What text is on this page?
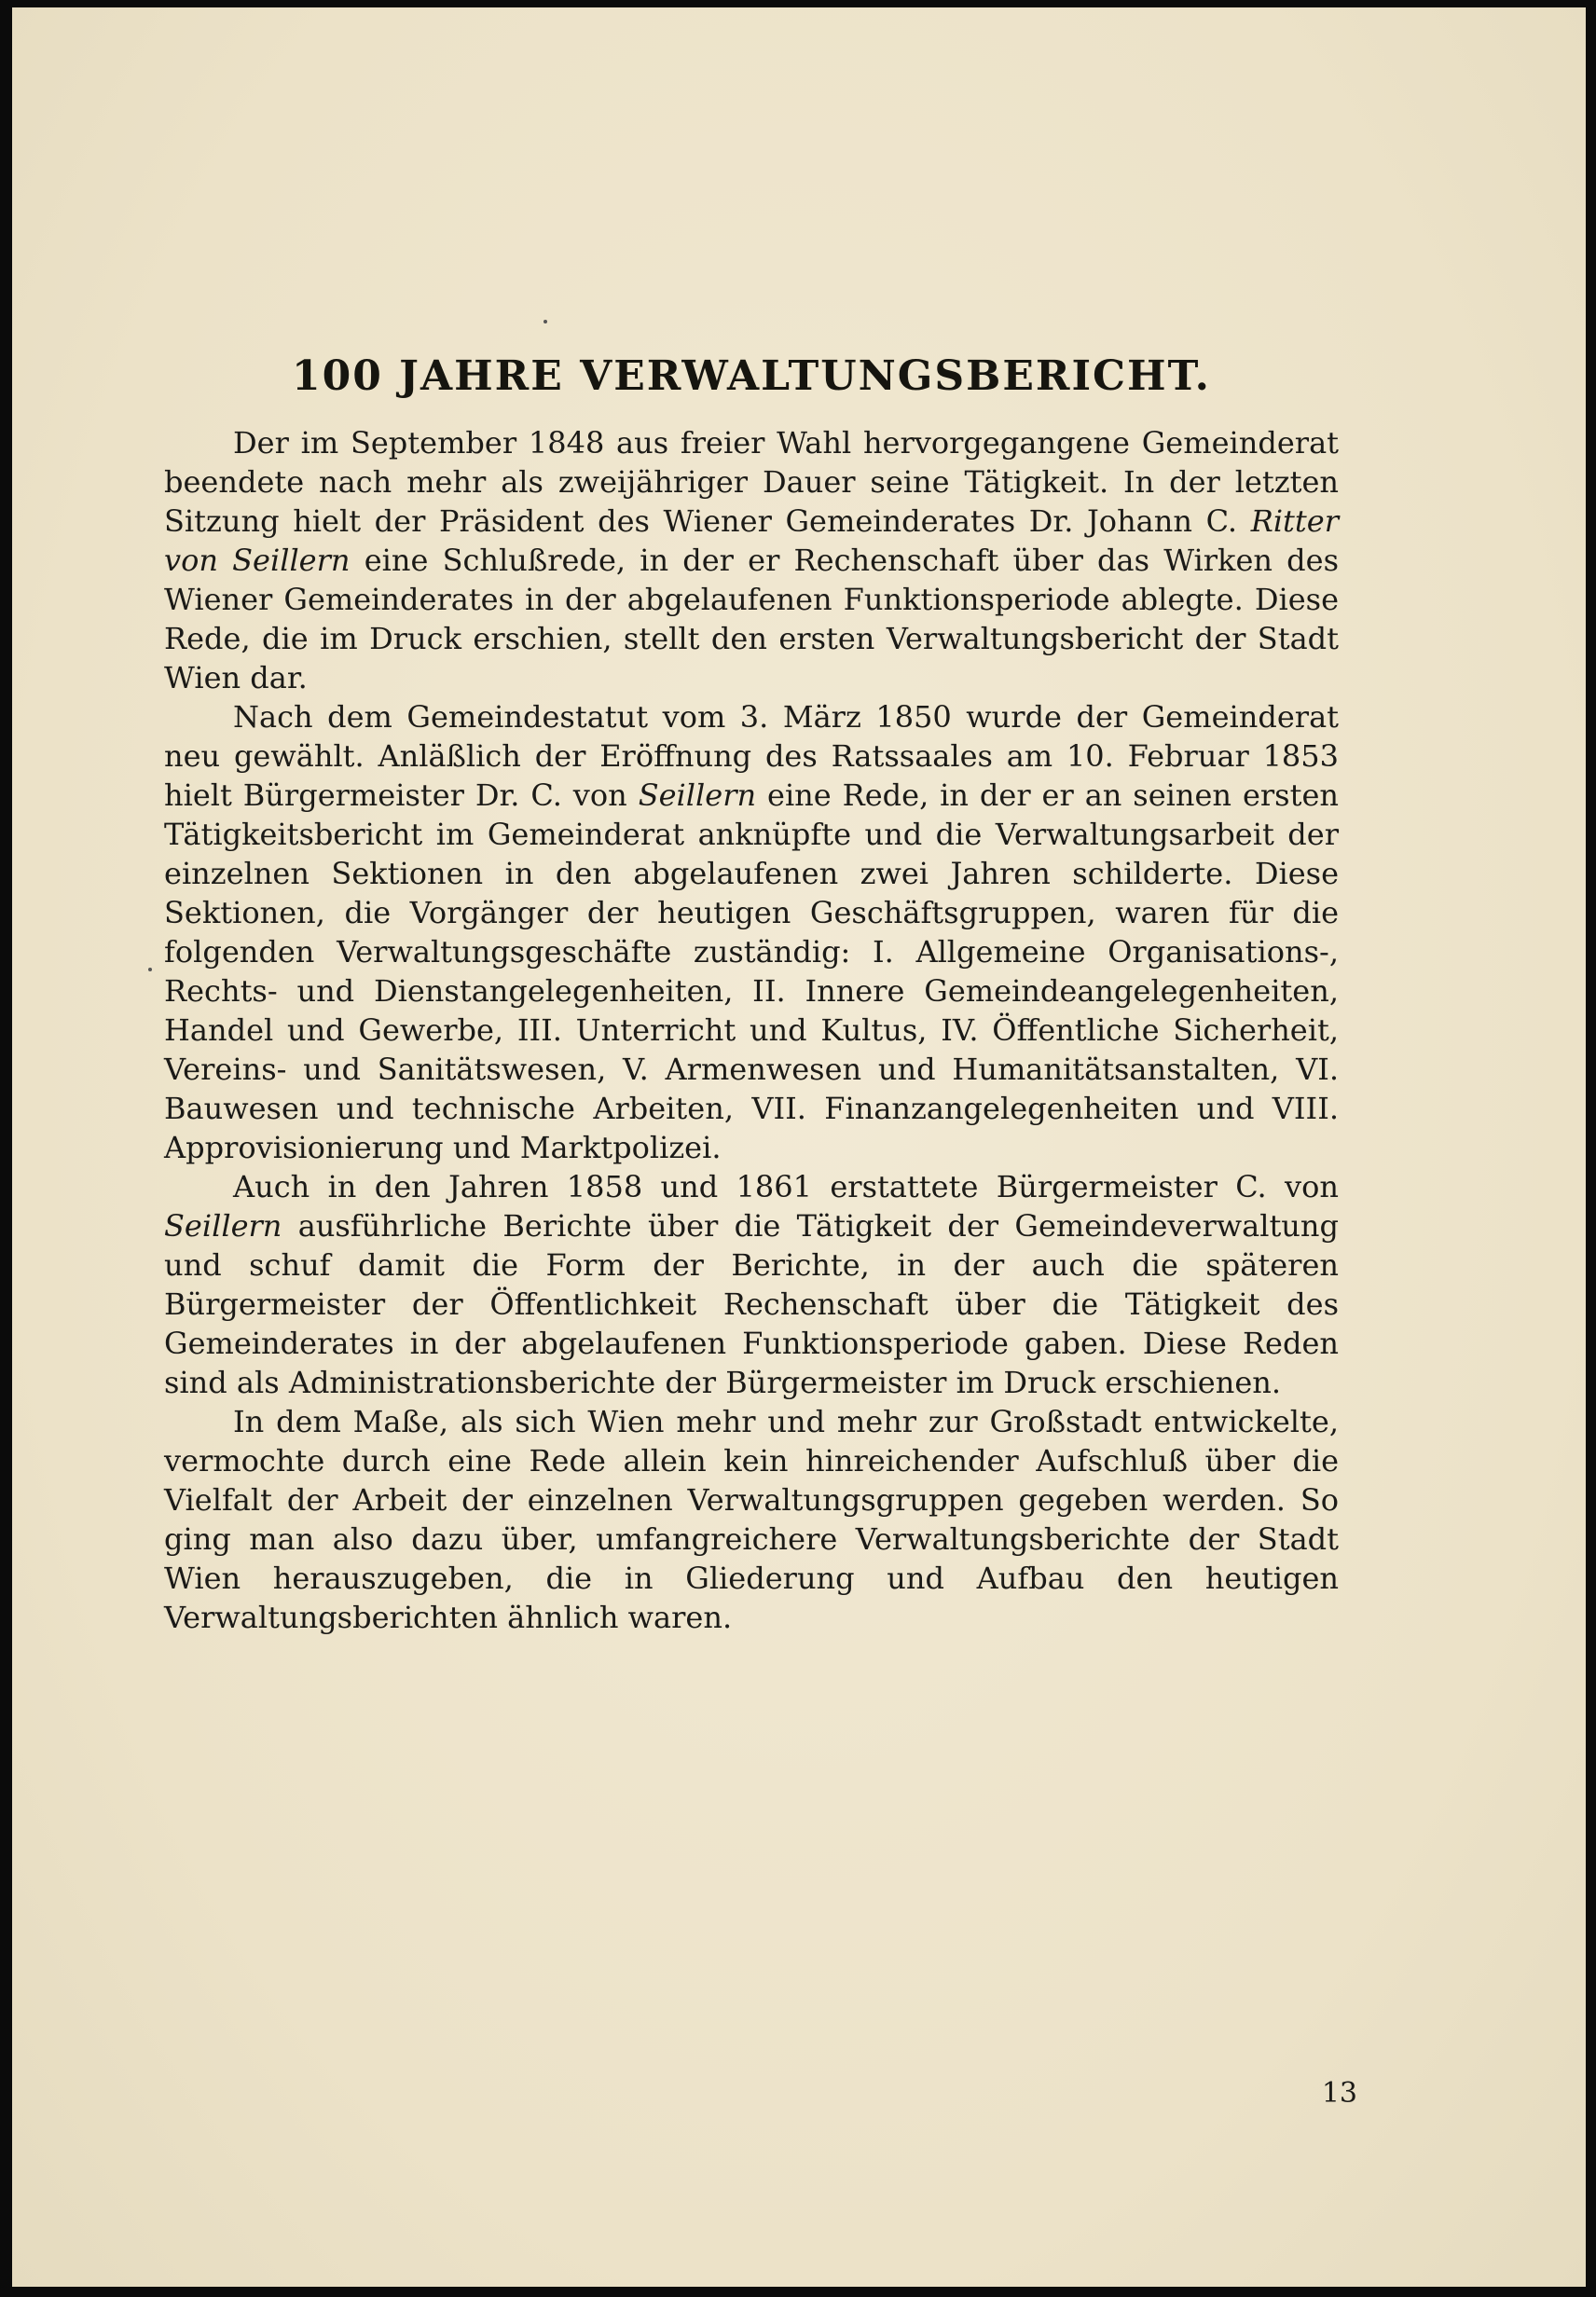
100 JAHRE VERWALTUNGSBERICHT.

Der im September 1848 aus freier Wahl hervorgegangene Gemeinderat beendete nach mehr als zweijähriger Dauer seine Tätigkeit. In der letzten Sitzung hielt der Präsident des Wiener Gemeinderates Dr. Johann C. Ritter von Seillern eine Schlußrede, in der er Rechenschaft über das Wirken des Wiener Gemeinderates in der abgelaufenen Funktionsperiode ablegte. Diese Rede, die im Druck erschien, stellt den ersten Verwaltungsbericht der Stadt Wien dar.

Nach dem Gemeindestatut vom 3. März 1850 wurde der Gemeinderat neu gewählt. Anläßlich der Eröffnung des Ratssaales am 10. Februar 1853 hielt Bürgermeister Dr. C. von Seillern eine Rede, in der er an seinen ersten Tätigkeitsbericht im Gemeinderat anknüpfte und die Verwaltungsarbeit der einzelnen Sektionen in den abgelaufenen zwei Jahren schilderte. Diese Sektionen, die Vorgänger der heutigen Geschäftsgruppen, waren für die folgenden Verwaltungsgeschäfte zuständig: I. Allgemeine Organisations-, Rechts- und Dienstangelegenheiten, II. Innere Gemeindeangelegenheiten, Handel und Gewerbe, III. Unterricht und Kultus, IV. Öffentliche Sicherheit, Vereins- und Sanitätswesen, V. Armenwesen und Humanitätsanstalten, VI. Bauwesen und technische Arbeiten, VII. Finanzangelegenheiten und VIII. Approvisionierung und Marktpolizei.

Auch in den Jahren 1858 und 1861 erstattete Bürgermeister C. von Seillern ausführliche Berichte über die Tätigkeit der Gemeindeverwaltung und schuf damit die Form der Berichte, in der auch die späteren Bürgermeister der Öffentlichkeit Rechenschaft über die Tätigkeit des Gemeinderates in der abgelaufenen Funktionsperiode gaben. Diese Reden sind als Administrationsberichte der Bürgermeister im Druck erschienen.

In dem Maße, als sich Wien mehr und mehr zur Großstadt entwickelte, vermochte durch eine Rede allein kein hinreichender Aufschluß über die Vielfalt der Arbeit der einzelnen Verwaltungsgruppen gegeben werden. So ging man also dazu über, umfangreichere Verwaltungsberichte der Stadt Wien herauszugeben, die in Gliederung und Aufbau den heutigen Verwaltungsberichten ähnlich waren.

13
